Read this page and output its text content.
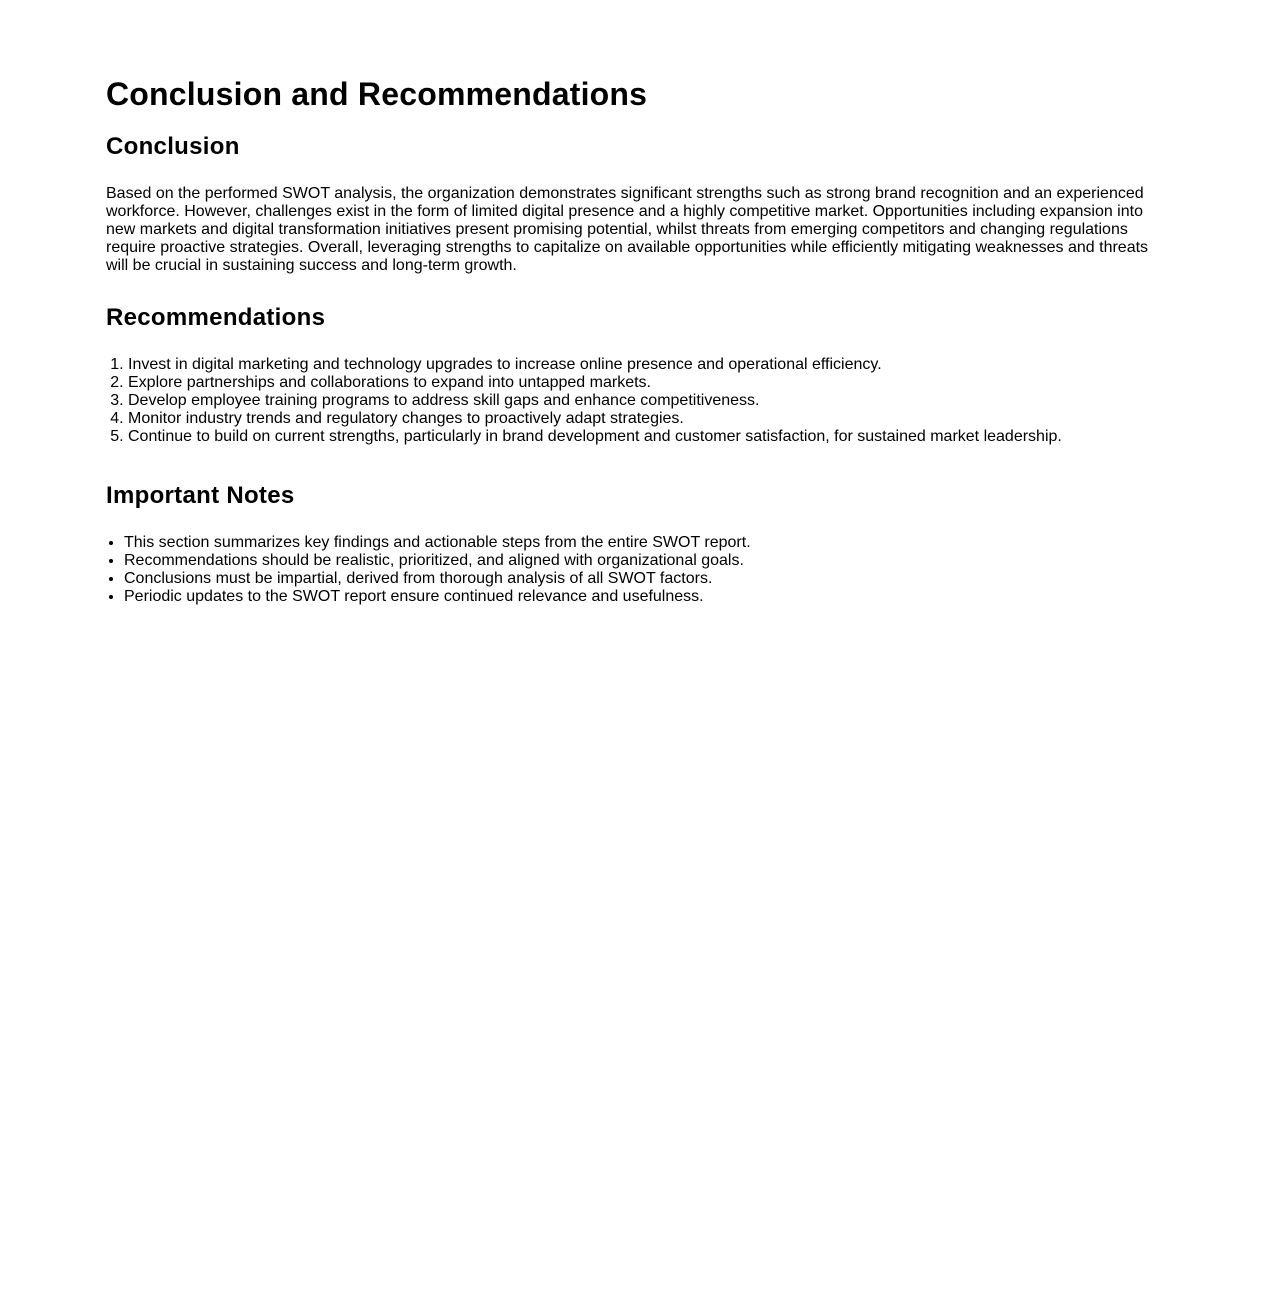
Conclusion and Recommendations
Conclusion

Based on the performed SWOT analysis, the organization demonstrates significant strengths such as strong brand recognition and an experienced workforce. However, challenges exist in the form of limited digital presence and a highly competitive market. Opportunities including expansion into new markets and digital transformation initiatives present promising potential, whilst threats from emerging competitors and changing regulations require proactive strategies. Overall, leveraging strengths to capitalize on available opportunities while efficiently mitigating weaknesses and threats will be crucial in sustaining success and long-term growth.

Recommendations
1. Invest in digital marketing and technology upgrades to increase online presence and operational efficiency.
2. Explore partnerships and collaborations to expand into untapped markets.
3. Develop employee training programs to address skill gaps and enhance competitiveness.
4. Monitor industry trends and regulatory changes to proactively adapt strategies.
5. Continue to build on current strengths, particularly in brand development and customer satisfaction, for sustained market leadership.
Important Notes
• This section summarizes key findings and actionable steps from the entire SWOT report.
• Recommendations should be realistic, prioritized, and aligned with organizational goals.
• Conclusions must be impartial, derived from thorough analysis of all SWOT factors.
• Periodic updates to the SWOT report ensure continued relevance and usefulness.
